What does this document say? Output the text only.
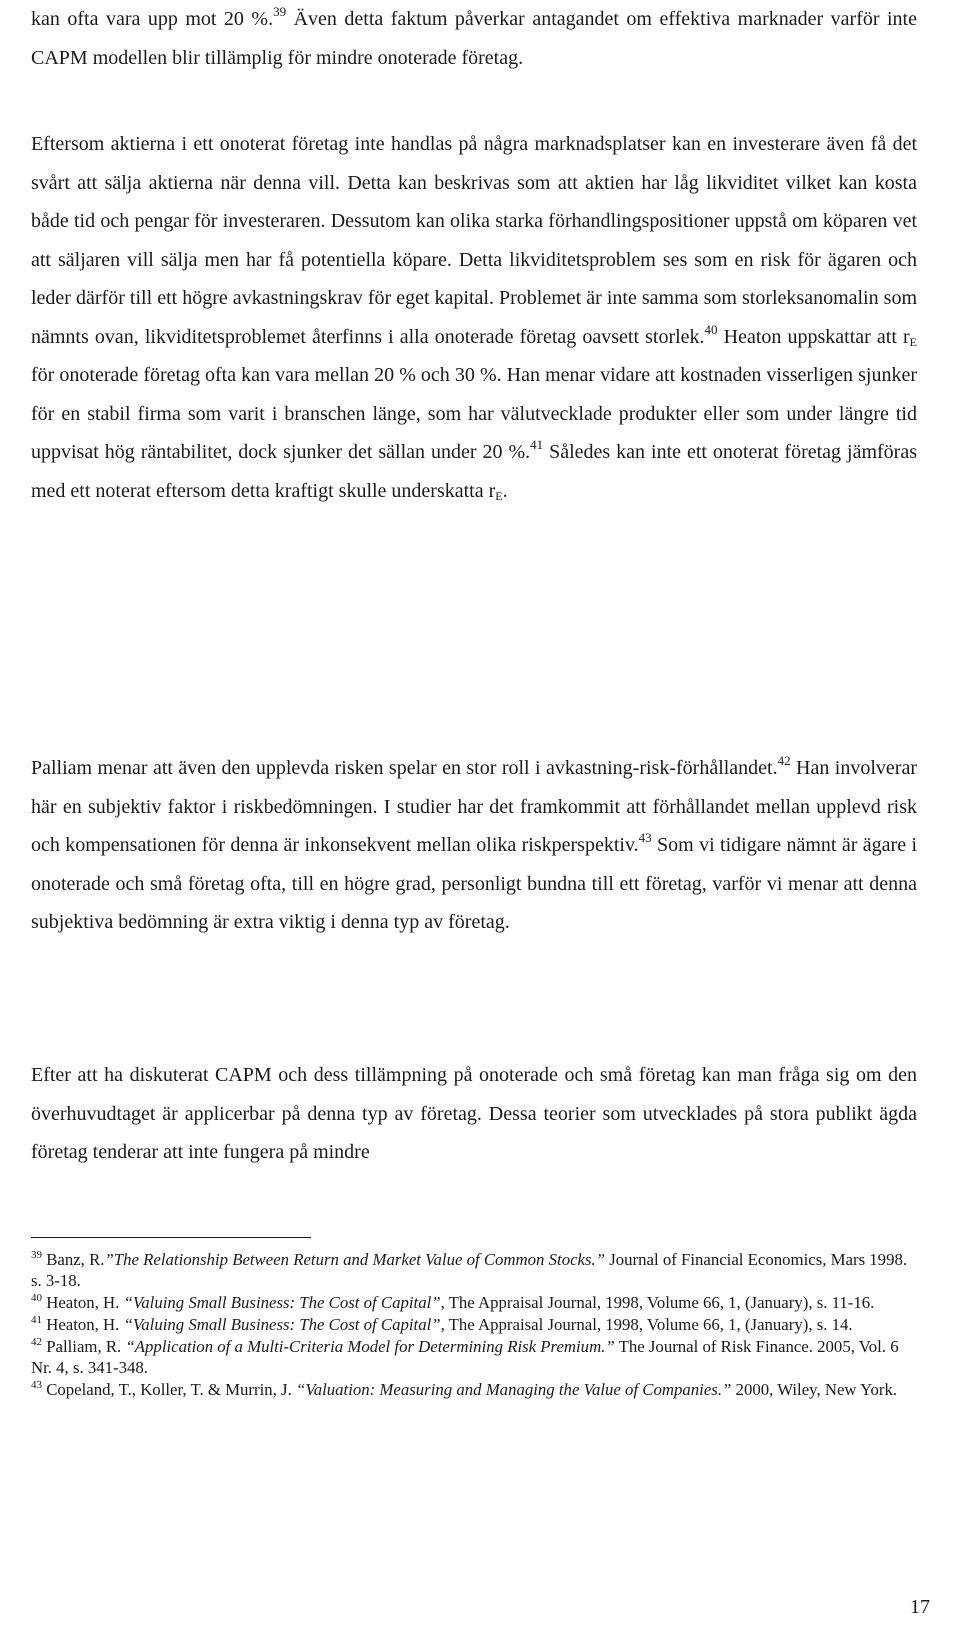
kan ofta vara upp mot 20 %.$^{39}$ Även detta faktum påverkar antagandet om effektiva marknader varför inte CAPM modellen blir tillämplig för mindre onoterade företag.

Eftersom aktierna i ett onoterat företag inte handlas på några marknadsplatser kan en investerare även få det svårt att sälja aktierna när denna vill. Detta kan beskrivas som att aktien har låg likviditet vilket kan kosta både tid och pengar för investeraren. Dessutom kan olika starka förhandlingspositioner uppstå om köparen vet att säljaren vill sälja men har få potentiella köpare. Detta likviditetsproblem ses som en risk för ägaren och leder därför till ett högre avkastningskrav för eget kapital. Problemet är inte samma som storleksanomalin som nämnts ovan, likviditetsproblemet återfinns i alla onoterade företag oavsett storlek.$^{40}$ Heaton uppskattar att $r_E$ för onoterade företag ofta kan vara mellan 20 % och 30 %. Han menar vidare att kostnaden visserligen sjunker för en stabil firma som varit i branschen länge, som har välutvecklade produkter eller som under längre tid uppvisat hög räntabilitet, dock sjunker det sällan under 20 %.$^{41}$ Således kan inte ett onoterat företag jämföras med ett noterat eftersom detta kraftigt skulle underskatta $r_E$.

Palliam menar att även den upplevda risken spelar en stor roll i avkastning-risk-förhållandet.$^{42}$ Han involverar här en subjektiv faktor i riskbedömningen. I studier har det framkommit att förhållandet mellan upplevd risk och kompensationen för denna är inkonsekvent mellan olika riskperspektiv.$^{43}$ Som vi tidigare nämnt är ägare i onoterade och små företag ofta, till en högre grad, personligt bundna till ett företag, varför vi menar att denna subjektiva bedömning är extra viktig i denna typ av företag.

Efter att ha diskuterat CAPM och dess tillämpning på onoterade och små företag kan man fråga sig om den överhuvudtaget är applicerbar på denna typ av företag. Dessa teorier som utvecklades på stora publikt ägda företag tenderar att inte fungera på mindre

$^{39}$ Banz, R.”The Relationship Between Return and Market Value of Common Stocks.” Journal of Financial Economics, Mars 1998. s. 3-18.

$^{40}$ Heaton, H. “Valuing Small Business: The Cost of Capital”, The Appraisal Journal, 1998, Volume 66, 1, (January), s. 11-16.

$^{41}$ Heaton, H. “Valuing Small Business: The Cost of Capital”, The Appraisal Journal, 1998, Volume 66, 1, (January), s. 14.

$^{42}$ Palliam, R. “Application of a Multi-Criteria Model for Determining Risk Premium.” The Journal of Risk Finance. 2005, Vol. 6 Nr. 4, s. 341-348.

$^{43}$ Copeland, T., Koller, T. & Murrin, J. “Valuation: Measuring and Managing the Value of Companies.” 2000, Wiley, New York.

17
